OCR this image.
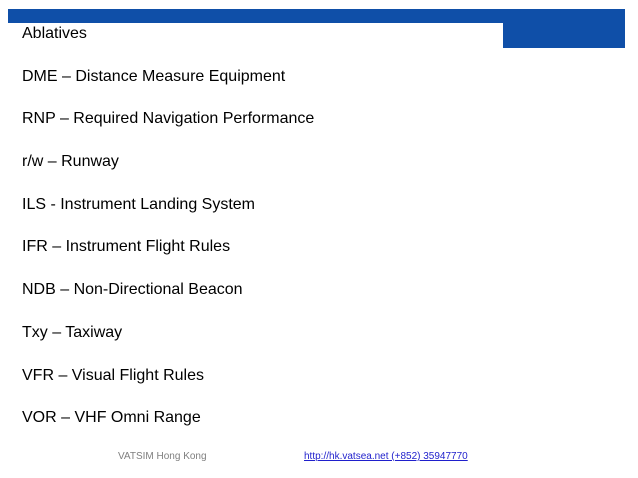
Ablatives
DME – Distance Measure Equipment
RNP – Required Navigation Performance
r/w – Runway
ILS - Instrument Landing System
IFR – Instrument Flight Rules
NDB – Non-Directional Beacon
Txy – Taxiway
VFR – Visual Flight Rules
VOR – VHF Omni Range
VATSIM Hong Kong	http://hk.vatsea.net (+852) 35947770
